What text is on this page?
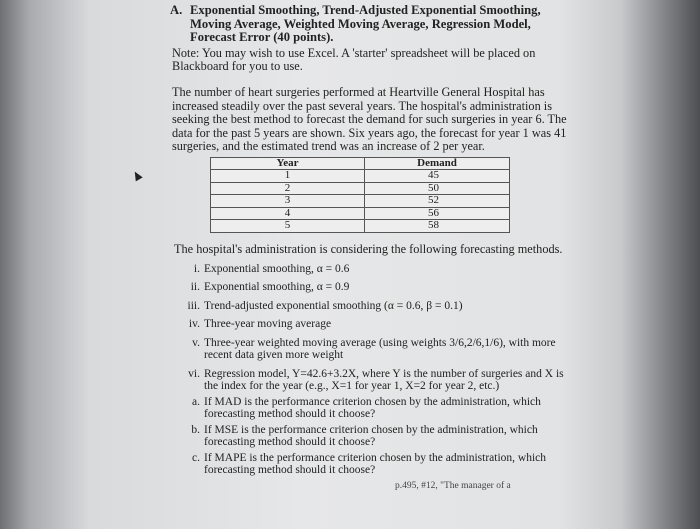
A. Exponential Smoothing, Trend-Adjusted Exponential Smoothing, Moving Average, Weighted Moving Average, Regression Model, Forecast Error (40 points).
Note: You may wish to use Excel. A 'starter' spreadsheet will be placed on Blackboard for you to use.
The number of heart surgeries performed at Heartville General Hospital has increased steadily over the past several years. The hospital's administration is seeking the best method to forecast the demand for such surgeries in year 6. The data for the past 5 years are shown. Six years ago, the forecast for year 1 was 41 surgeries, and the estimated trend was an increase of 2 per year.
Year	Demand
1	45
2	50
3	52
4	56
5	58
The hospital's administration is considering the following forecasting methods.
i. Exponential smoothing, α = 0.6
ii. Exponential smoothing, α = 0.9
iii. Trend-adjusted exponential smoothing (α = 0.6, β = 0.1)
iv. Three-year moving average
v. Three-year weighted moving average (using weights 3/6,2/6,1/6), with more recent data given more weight
vi. Regression model, Y=42.6+3.2X, where Y is the number of surgeries and X is the index for the year (e.g., X=1 for year 1, X=2 for year 2, etc.)
a. If MAD is the performance criterion chosen by the administration, which forecasting method should it choose?
b. If MSE is the performance criterion chosen by the administration, which forecasting method should it choose?
c. If MAPE is the performance criterion chosen by the administration, which forecasting method should it choose?
p.495, #12, "The manager of a
